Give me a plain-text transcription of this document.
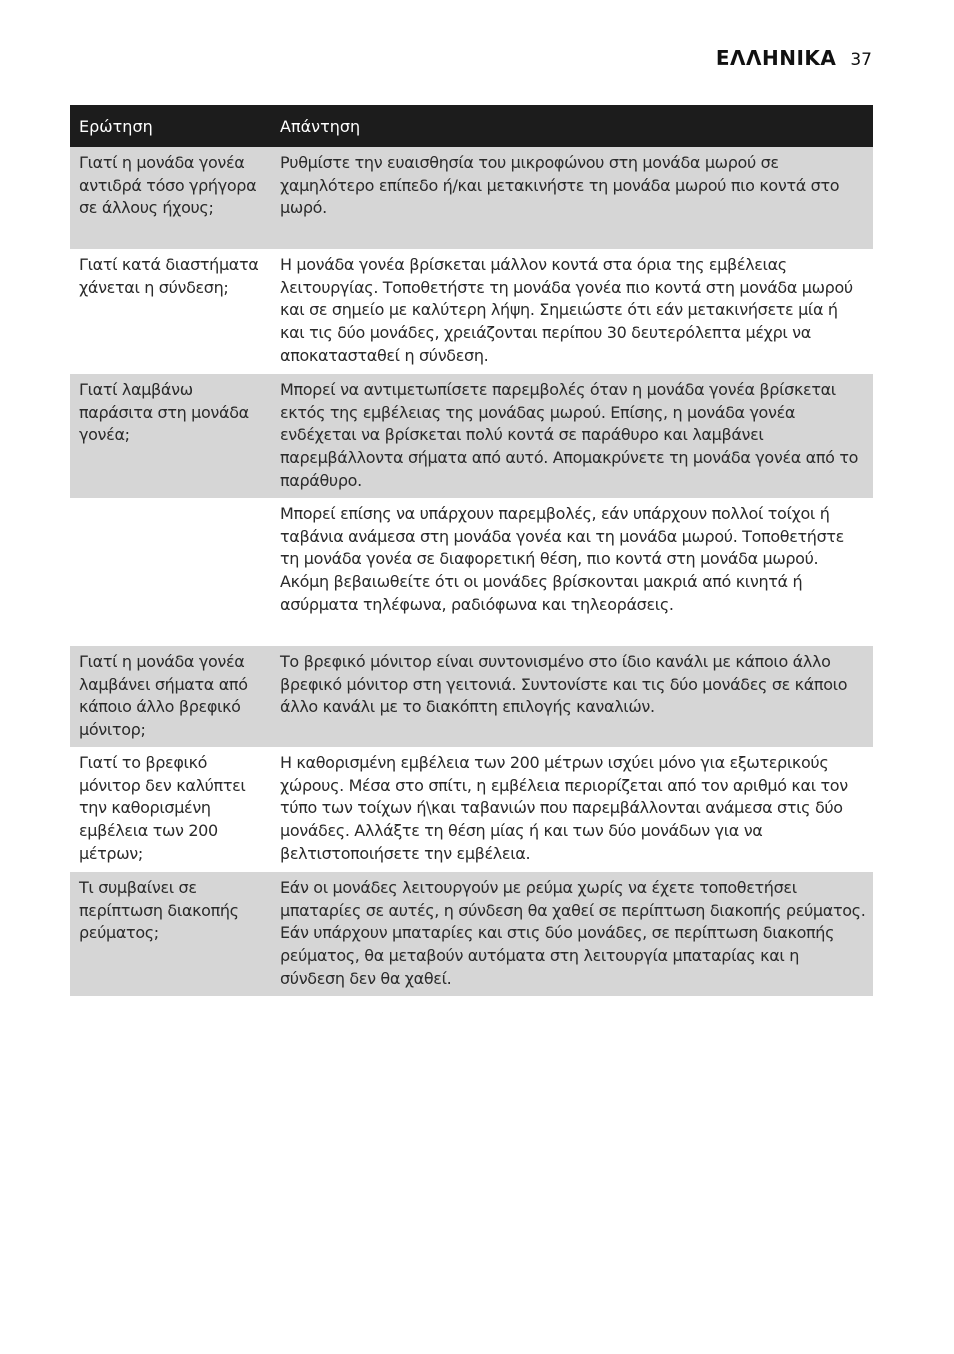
ΕΛΛΗΝΙΚΑ 37
Ερώτηση	Απάντηση
Γιατί η μονάδα γονέα αντιδρά τόσο γρήγορα σε άλλους ήχους;	Ρυθμίστε την ευαισθησία του μικροφώνου στη μονάδα μωρού σε χαμηλότερο επίπεδο ή/και μετακινήστε τη μονάδα μωρού πιο κοντά στο μωρό.
Γιατί κατά διαστήματα χάνεται η σύνδεση;	Η μονάδα γονέα βρίσκεται μάλλον κοντά στα όρια της εμβέλειας λειτουργίας. Τοποθετήστε τη μονάδα γονέα πιο κοντά στη μονάδα μωρού και σε σημείο με καλύτερη λήψη. Σημειώστε ότι εάν μετακινήσετε μία ή και τις δύο μονάδες, χρειάζονται περίπου 30 δευτερόλεπτα μέχρι να αποκατασταθεί η σύνδεση.
Γιατί λαμβάνω παράσιτα στη μονάδα γονέα;	Μπορεί να αντιμετωπίσετε παρεμβολές όταν η μονάδα γονέα βρίσκεται εκτός της εμβέλειας της μονάδας μωρού. Επίσης, η μονάδα γονέα ενδέχεται να βρίσκεται πολύ κοντά σε παράθυρο και λαμβάνει παρεμβάλλοντα σήματα από αυτό. Απομακρύνετε τη μονάδα γονέα από το παράθυρο.
	Μπορεί επίσης να υπάρχουν παρεμβολές, εάν υπάρχουν πολλοί τοίχοι ή ταβάνια ανάμεσα στη μονάδα γονέα και τη μονάδα μωρού. Τοποθετήστε τη μονάδα γονέα σε διαφορετική θέση, πιο κοντά στη μονάδα μωρού. Ακόμη βεβαιωθείτε ότι οι μονάδες βρίσκονται μακριά από κινητά ή ασύρματα τηλέφωνα, ραδιόφωνα και τηλεοράσεις.
Γιατί η μονάδα γονέα λαμβάνει σήματα από κάποιο άλλο βρεφικό μόνιτορ;	Το βρεφικό μόνιτορ είναι συντονισμένο στο ίδιο κανάλι με κάποιο άλλο βρεφικό μόνιτορ στη γειτονιά. Συντονίστε και τις δύο μονάδες σε κάποιο άλλο κανάλι με το διακόπτη επιλογής καναλιών.
Γιατί το βρεφικό μόνιτορ δεν καλύπτει την καθορισμένη εμβέλεια των 200 μέτρων;	Η καθορισμένη εμβέλεια των 200 μέτρων ισχύει μόνο για εξωτερικούς χώρους. Μέσα στο σπίτι, η εμβέλεια περιορίζεται από τον αριθμό και τον τύπο των τοίχων ή\και ταβανιών που παρεμβάλλονται ανάμεσα στις δύο μονάδες. Αλλάξτε τη θέση μίας ή και των δύο μονάδων για να βελτιστοποιήσετε την εμβέλεια.
Τι συμβαίνει σε περίπτωση διακοπής ρεύματος;	Εάν οι μονάδες λειτουργούν με ρεύμα χωρίς να έχετε τοποθετήσει μπαταρίες σε αυτές, η σύνδεση θα χαθεί σε περίπτωση διακοπής ρεύματος. Εάν υπάρχουν μπαταρίες και στις δύο μονάδες, σε περίπτωση διακοπής ρεύματος, θα μεταβούν αυτόματα στη λειτουργία μπαταρίας και η σύνδεση δεν θα χαθεί.
